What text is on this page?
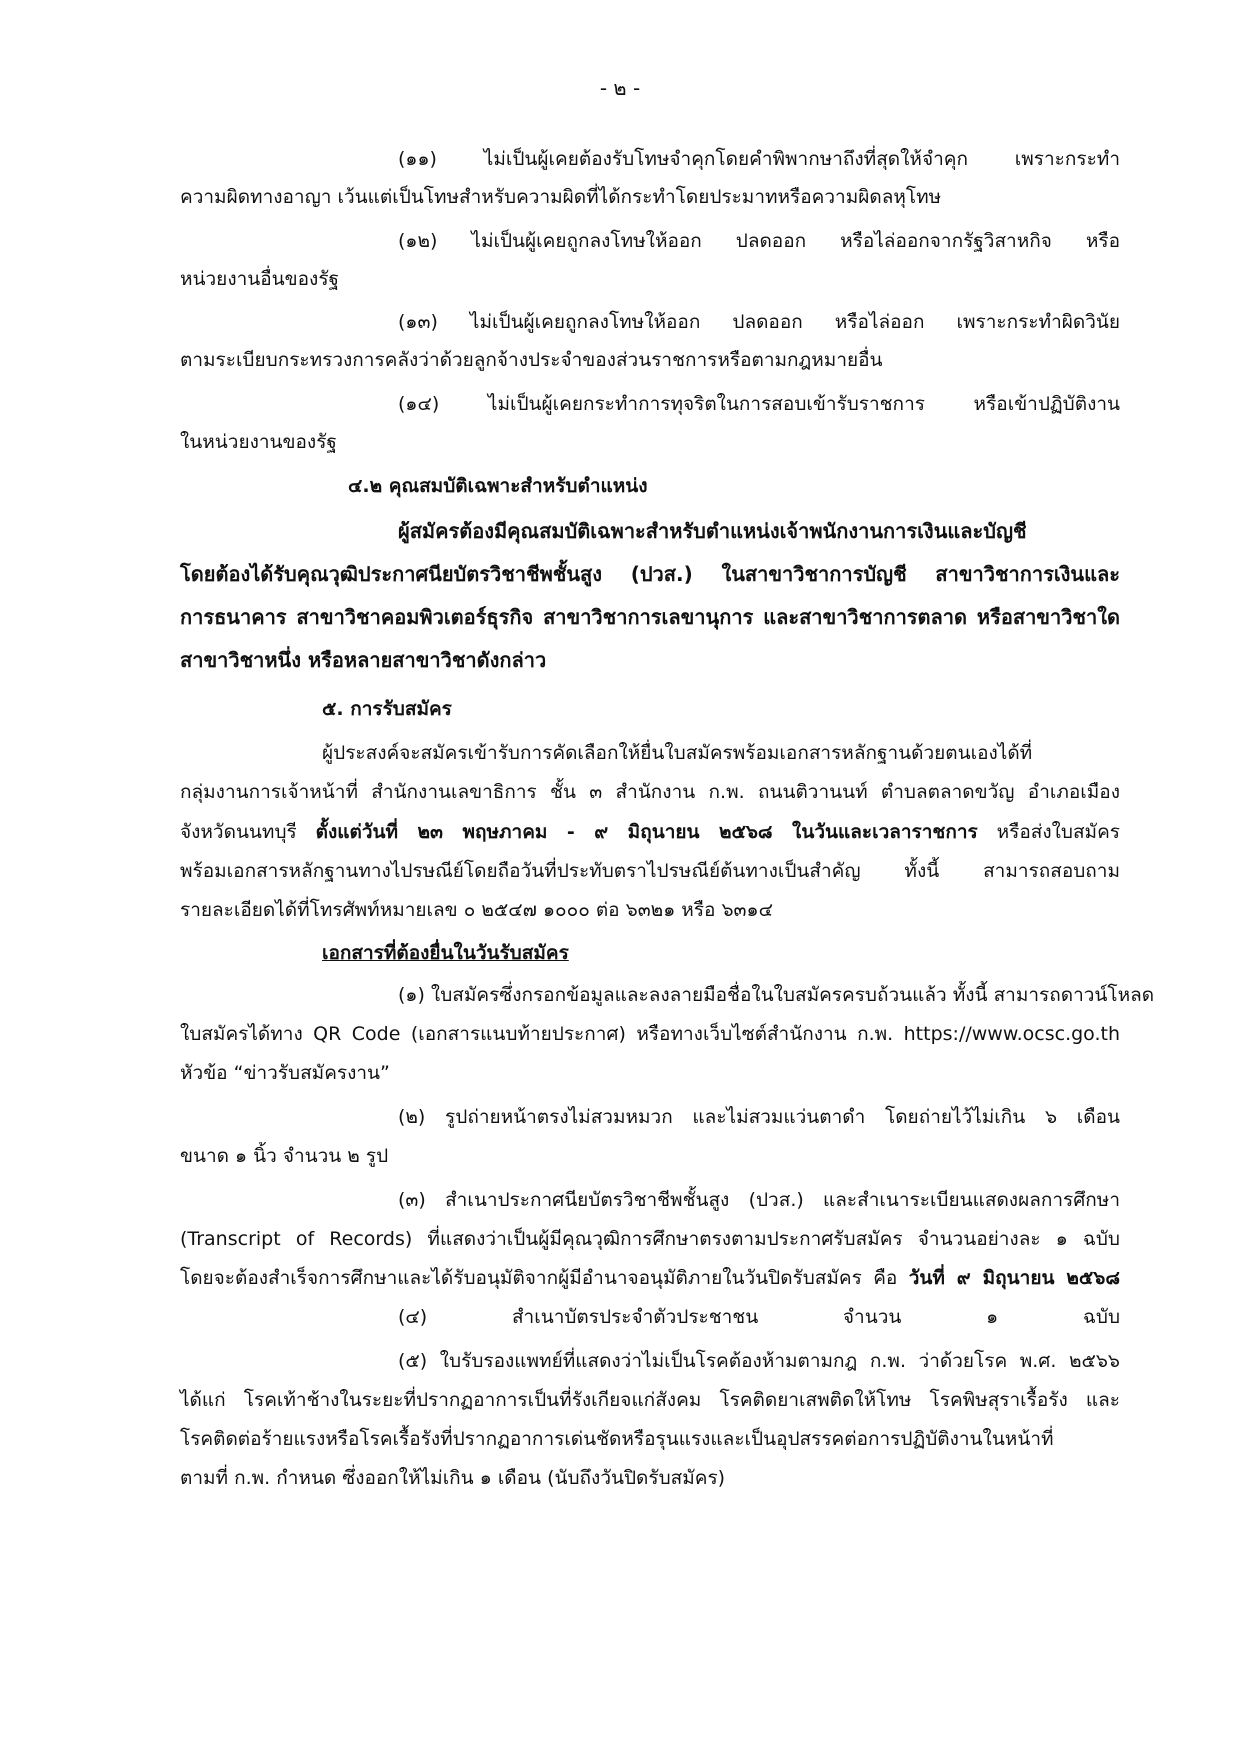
- ๒ -
(๑๑) ไม่เป็นผู้เคยต้องรับโทษจำคุกโดยคำพิพากษาถึงที่สุดให้จำคุก เพราะกระทำ
ความผิดทางอาญา เว้นแต่เป็นโทษสำหรับความผิดที่ได้กระทำโดยประมาทหรือความผิดลหุโทษ
(๑๒) ไม่เป็นผู้เคยถูกลงโทษให้ออก ปลดออก หรือไล่ออกจากรัฐวิสาหกิจ หรือ
หน่วยงานอื่นของรัฐ
(๑๓) ไม่เป็นผู้เคยถูกลงโทษให้ออก ปลดออก หรือไล่ออก เพราะกระทำผิดวินัย
ตามระเบียบกระทรวงการคลังว่าด้วยลูกจ้างประจำของส่วนราชการหรือตามกฎหมายอื่น
(๑๔) ไม่เป็นผู้เคยกระทำการทุจริตในการสอบเข้ารับราชการ หรือเข้าปฏิบัติงาน
ในหน่วยงานของรัฐ
๔.๒ คุณสมบัติเฉพาะสำหรับตำแหน่ง
ผู้สมัครต้องมีคุณสมบัติเฉพาะสำหรับตำแหน่งเจ้าพนักงานการเงินและบัญชี
โดยต้องได้รับคุณวุฒิประกาศนียบัตรวิชาชีพชั้นสูง (ปวส.) ในสาขาวิชาการบัญชี สาขาวิชาการเงินและ
การธนาคาร สาขาวิชาคอมพิวเตอร์ธุรกิจ สาขาวิชาการเลขานุการ และสาขาวิชาการตลาด หรือสาขาวิชาใด
สาขาวิชาหนึ่ง หรือหลายสาขาวิชาดังกล่าว
๕. การรับสมัคร
ผู้ประสงค์จะสมัครเข้ารับการคัดเลือกให้ยื่นใบสมัครพร้อมเอกสารหลักฐานด้วยตนเองได้ที่
กลุ่มงานการเจ้าหน้าที่ สำนักงานเลขาธิการ ชั้น ๓ สำนักงาน ก.พ. ถนนติวานนท์ ตำบลตลาดขวัญ อำเภอเมือง
จังหวัดนนทบุรี ตั้งแต่วันที่ ๒๓ พฤษภาคม - ๙ มิถุนายน ๒๕๖๘ ในวันและเวลาราชการ หรือส่งใบสมัคร
พร้อมเอกสารหลักฐานทางไปรษณีย์โดยถือวันที่ประทับตราไปรษณีย์ต้นทางเป็นสำคัญ ทั้งนี้ สามารถสอบถาม
รายละเอียดได้ที่โทรศัพท์หมายเลข ๐ ๒๕๔๗ ๑๐๐๐ ต่อ ๖๓๒๑ หรือ ๖๓๑๔
เอกสารที่ต้องยื่นในวันรับสมัคร
(๑) ใบสมัครซึ่งกรอกข้อมูลและลงลายมือชื่อในใบสมัครครบถ้วนแล้ว ทั้งนี้ สามารถดาวน์โหลด
ใบสมัครได้ทาง QR Code (เอกสารแนบท้ายประกาศ) หรือทางเว็บไซต์สำนักงาน ก.พ. https://www.ocsc.go.th
หัวข้อ “ข่าวรับสมัครงาน”
(๒) รูปถ่ายหน้าตรงไม่สวมหมวก และไม่สวมแว่นตาดำ โดยถ่ายไว้ไม่เกิน ๖ เดือน
ขนาด ๑ นิ้ว จำนวน ๒ รูป
(๓) สำเนาประกาศนียบัตรวิชาชีพชั้นสูง (ปวส.) และสำเนาระเบียนแสดงผลการศึกษา
(Transcript of Records) ที่แสดงว่าเป็นผู้มีคุณวุฒิการศึกษาตรงตามประกาศรับสมัคร จำนวนอย่างละ ๑ ฉบับ
โดยจะต้องสำเร็จการศึกษาและได้รับอนุมัติจากผู้มีอำนาจอนุมัติภายในวันปิดรับสมัคร คือ วันที่ ๙ มิถุนายน ๒๕๖๘
(๔) สำเนาบัตรประจำตัวประชาชน จำนวน ๑ ฉบับ
(๕) ใบรับรองแพทย์ที่แสดงว่าไม่เป็นโรคต้องห้ามตามกฎ ก.พ. ว่าด้วยโรค พ.ศ. ๒๕๖๖
ได้แก่ โรคเท้าช้างในระยะที่ปรากฏอาการเป็นที่รังเกียจแก่สังคม โรคติดยาเสพติดให้โทษ โรคพิษสุราเรื้อรัง และ
โรคติดต่อร้ายแรงหรือโรคเรื้อรังที่ปรากฏอาการเด่นชัดหรือรุนแรงและเป็นอุปสรรคต่อการปฏิบัติงานในหน้าที่
ตามที่ ก.พ. กำหนด ซึ่งออกให้ไม่เกิน ๑ เดือน (นับถึงวันปิดรับสมัคร)
